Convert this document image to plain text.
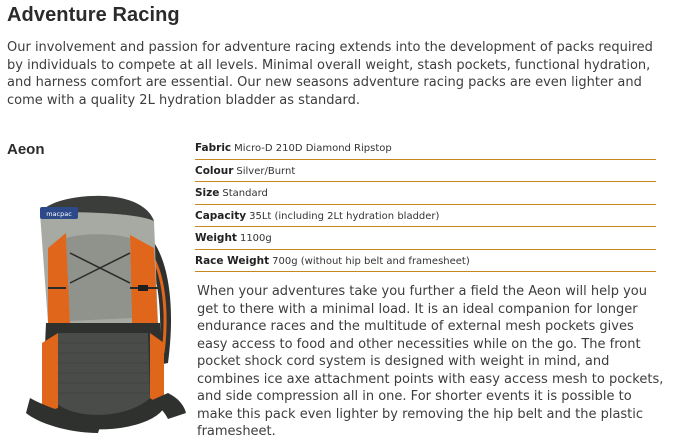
Adventure Racing
Our involvement and passion for adventure racing extends into the development of packs required by individuals to compete at all levels. Minimal overall weight, stash pockets, functional hydration, and harness comfort are essential. Our new seasons adventure racing packs are even lighter and come with a quality 2L hydration bladder as standard.
Aeon	Fabric Micro-D 210D Diamond Ripstop
Colour Silver/Burnt
Size Standard
Capacity 35Lt (including 2Lt hydration bladder)
Weight 1100g
Race Weight 700g (without hip belt and framesheet)
When your adventures take you further a field the Aeon will help you get to there with a minimal load. It is an ideal companion for longer endurance races and the multitude of external mesh pockets gives easy access to food and other necessities while on the go. The front pocket shock cord system is designed with weight in mind, and combines ice axe attachment points with easy access mesh to pockets, and side compression all in one. For shorter events it is possible to make this pack even lighter by removing the hip belt and the plastic framesheet.
macpac
